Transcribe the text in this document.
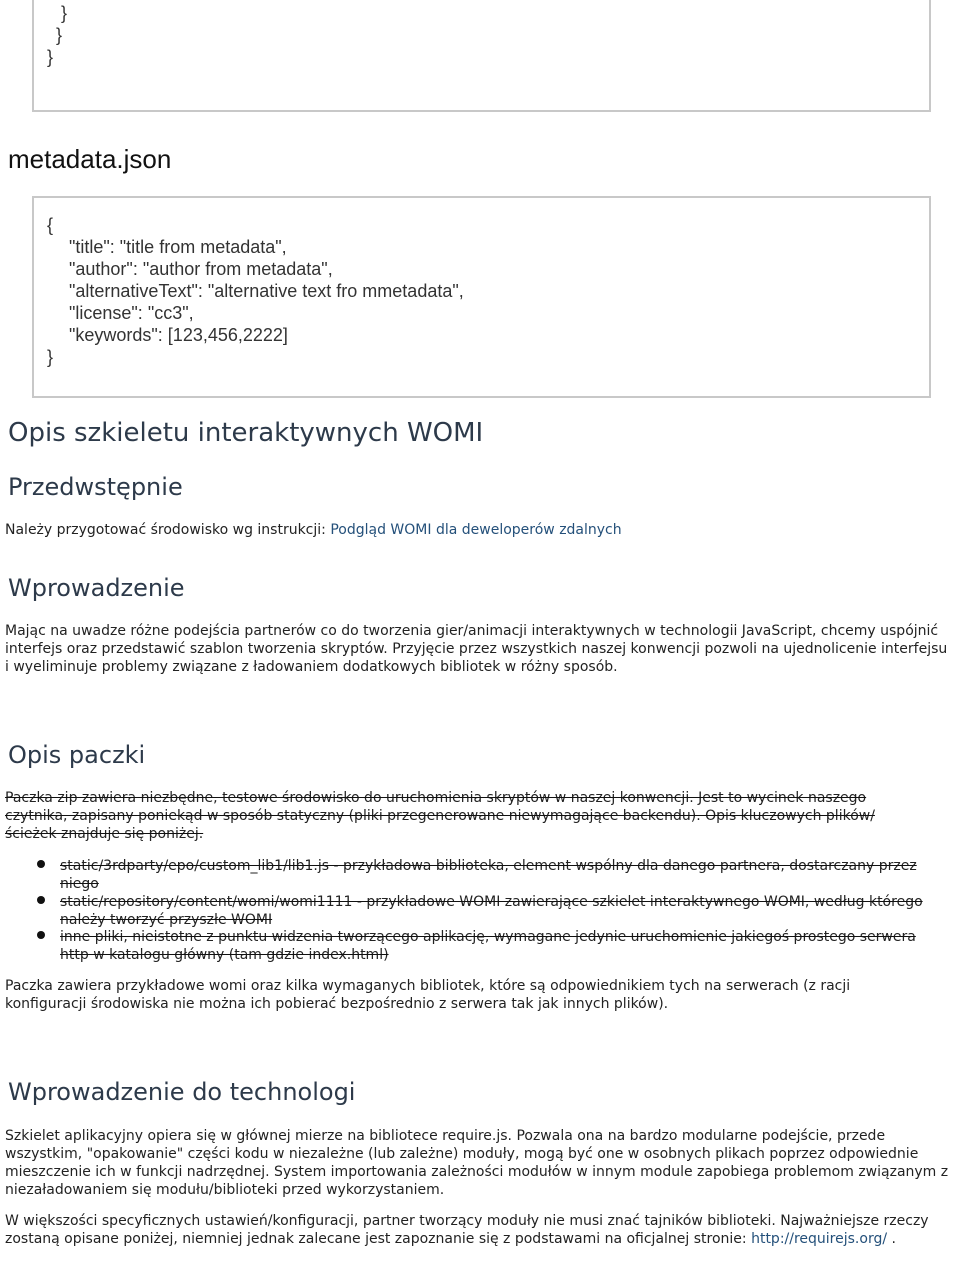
}
}
}
metadata.json
{
"title": "title from metadata",
"author": "author from metadata",
"alternativeText": "alternative text fro mmetadata",
"license": "cc3",
"keywords": [123,456,2222]
}
Opis szkieletu interaktywnych WOMI
Przedwstępnie

Należy przygotować środowisko wg instrukcji: Podgląd WOMI dla deweloperów zdalnych

Wprowadzenie

Mając na uwadze różne podejścia partnerów co do tworzenia gier/animacji interaktywnych w technologii JavaScript, chcemy uspójnić interfejs oraz przedstawić szablon tworzenia skryptów. Przyjęcie przez wszystkich naszej konwencji pozwoli na ujednolicenie interfejsu i wyeliminuje problemy związane z ładowaniem dodatkowych bibliotek w różny sposób.

Opis paczki

Paczka zip zawiera niezbędne, testowe środowisko do uruchomienia skryptów w naszej konwencji. Jest to wycinek naszego czytnika, zapisany poniekąd w sposób statyczny (pliki przegenerowane niewymagające backendu). Opis kluczowych plików/ścieżek znajduje się poniżej.

static/3rdparty/epo/custom_lib1/lib1.js - przykładowa biblioteka, element wspólny dla danego partnera, dostarczany przez niego
static/repository/content/womi/womi1111 - przykładowe WOMI zawierające szkielet interaktywnego WOMI, według którego należy tworzyć przyszłe WOMI
inne pliki, nieistotne z punktu widzenia tworzącego aplikację, wymagane jedynie uruchomienie jakiegoś prostego serwera http w katalogu główny (tam gdzie index.html)

Paczka zawiera przykładowe womi oraz kilka wymaganych bibliotek, które są odpowiednikiem tych na serwerach (z racji konfiguracji środowiska nie można ich pobierać bezpośrednio z serwera tak jak innych plików).

Wprowadzenie do technologi

Szkielet aplikacyjny opiera się w głównej mierze na bibliotece require.js. Pozwala ona na bardzo modularne podejście, przede wszystkim, "opakowanie" części kodu w niezależne (lub zależne) moduły, mogą być one w osobnych plikach poprzez odpowiednie mieszczenie ich w funkcji nadrzędnej. System importowania zależności modułów w innym module zapobiega problemom związanym z niezaładowaniem się modułu/biblioteki przed wykorzystaniem.

W większości specyficznych ustawień/konfiguracji, partner tworzący moduły nie musi znać tajników biblioteki. Najważniejsze rzeczy zostaną opisane poniżej, niemniej jednak zalecane jest zapoznanie się z podstawami na oficjalnej stronie: http://requirejs.org/ .
